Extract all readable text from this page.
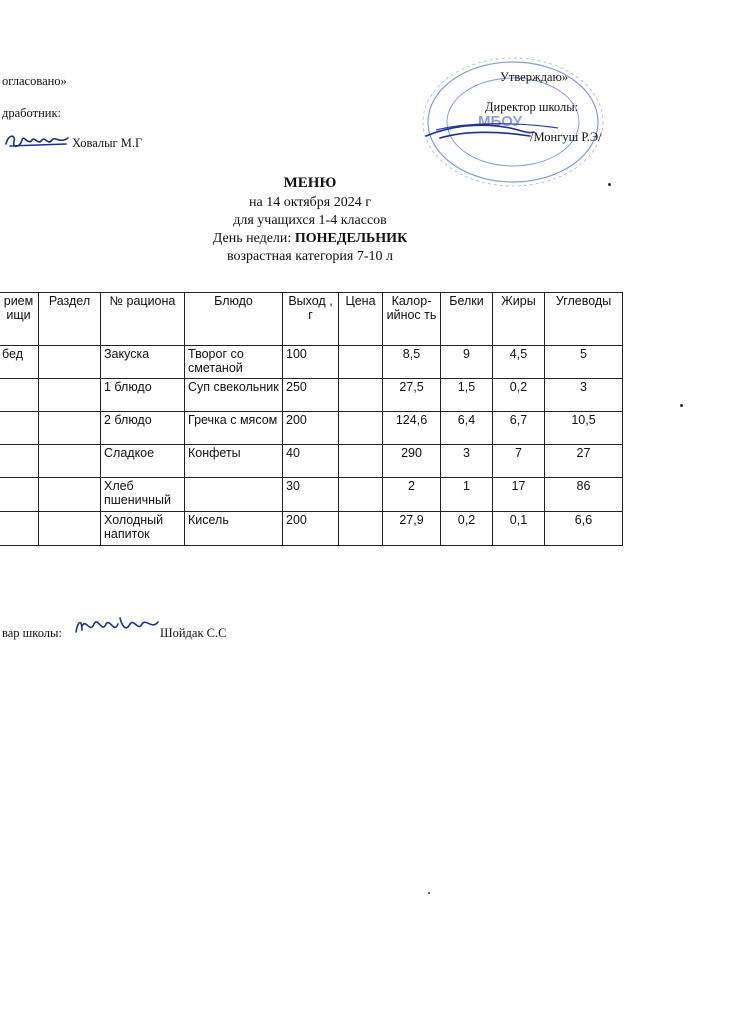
огласовано»
дработник:
Ховалыг М.Г
МБОУ
Утверждаю»
Директор школы:
/Монгуш Р.Э/
МЕНЮ
на 14 октября 2024 г
для учащихся 1-4 классов
День недели: ПОНЕДЕЛЬНИК
возрастная категория 7-10 л
рием ищи	Раздел	№ рациона	Блюдо	Выход , г	Цена	Калор- ийнос ть	Белки	Жиры	Углеводы
бед		Закуска	Творог со сметаной	100		8,5	9	4,5	5
		1 блюдо	Суп свекольник	250		27,5	1,5	0,2	3
		2 блюдо	Гречка с мясом	200		124,6	6,4	6,7	10,5
		Сладкое	Конфеты	40		290	3	7	27
		Хлеб пшеничный		30		2	1	17	86
		Холодный напиток	Кисель	200		27,9	0,2	0,1	6,6
вар школы:	Шойдак С.С
